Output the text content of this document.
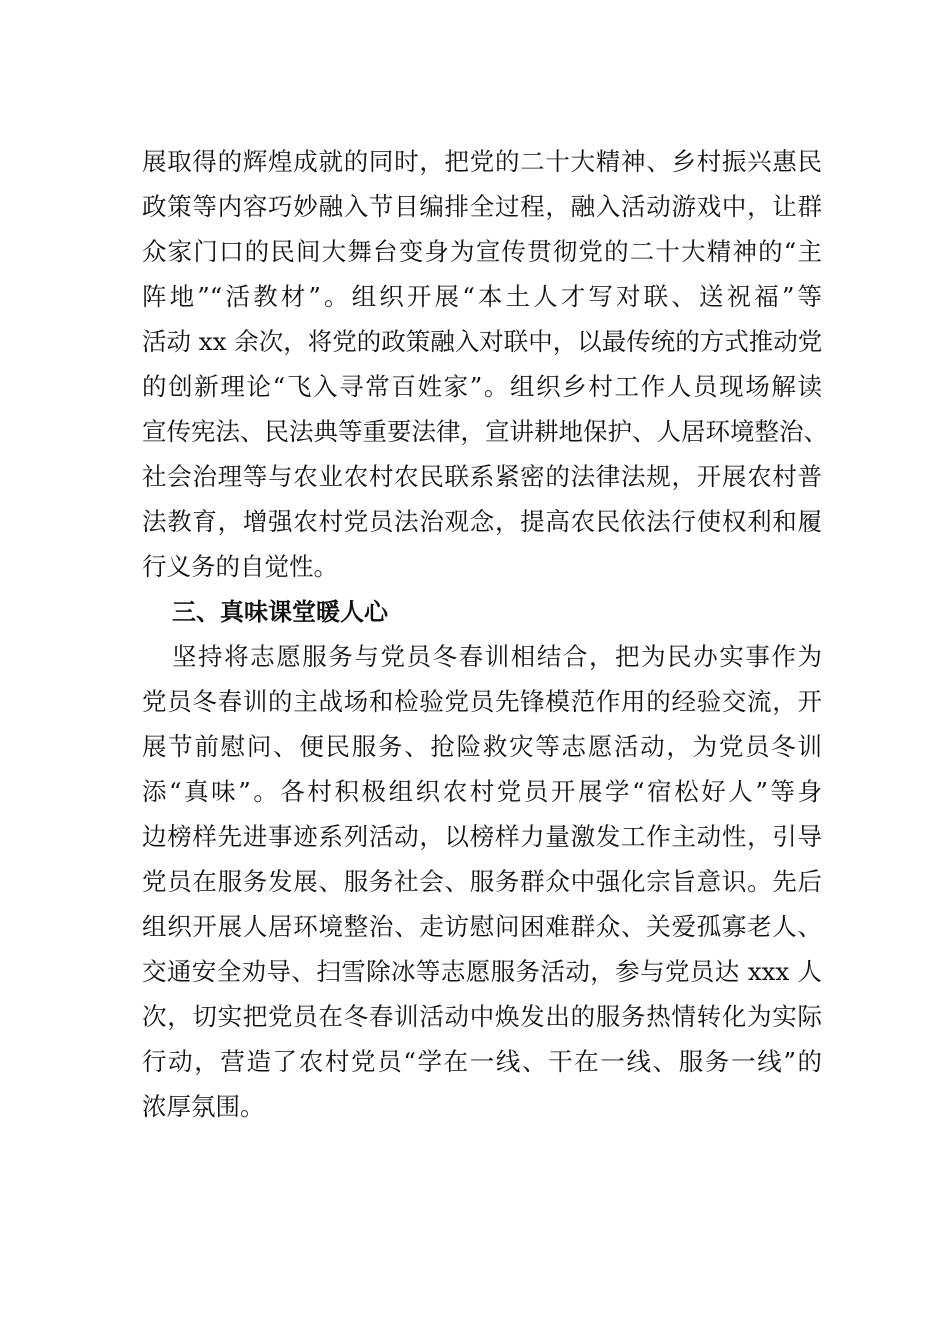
展取得的辉煌成就的同时，把党的二十大精神、乡村振兴惠民
政策等内容巧妙融入节目编排全过程，融入活动游戏中，让群
众家门口的民间大舞台变身为宣传贯彻党的二十大精神的“主
阵地”“活教材”。组织开展“本土人才写对联、送祝福”等
活动 xx 余次，将党的政策融入对联中，以最传统的方式推动党
的创新理论“飞入寻常百姓家”。组织乡村工作人员现场解读
宣传宪法、民法典等重要法律，宣讲耕地保护、人居环境整治、
社会治理等与农业农村农民联系紧密的法律法规，开展农村普
法教育，增强农村党员法治观念，提高农民依法行使权利和履
行义务的自觉性。
三、真味课堂暖人心
坚持将志愿服务与党员冬春训相结合，把为民办实事作为
党员冬春训的主战场和检验党员先锋模范作用的经验交流，开
展节前慰问、便民服务、抢险救灾等志愿活动，为党员冬训
添“真味”。各村积极组织农村党员开展学“宿松好人”等身
边榜样先进事迹系列活动，以榜样力量激发工作主动性，引导
党员在服务发展、服务社会、服务群众中强化宗旨意识。先后
组织开展人居环境整治、走访慰问困难群众、关爱孤寡老人、
交通安全劝导、扫雪除冰等志愿服务活动，参与党员达 xxx 人
次，切实把党员在冬春训活动中焕发出的服务热情转化为实际
行动，营造了农村党员“学在一线、干在一线、服务一线”的
浓厚氛围。
